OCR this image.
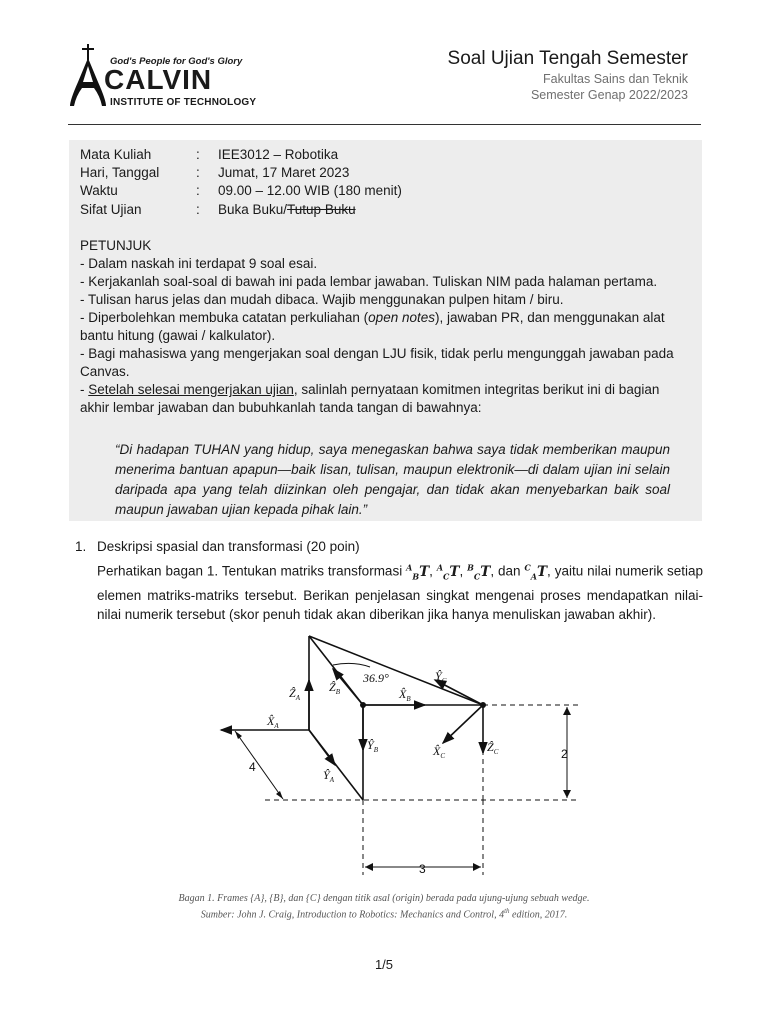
God's People for God's Glory
CALVIN
INSTITUTE OF TECHNOLOGY
Soal Ujian Tengah Semester
Fakultas Sains dan Teknik
Semester Genap 2022/2023
Mata Kuliah	: IEE3012 – Robotika
Hari, Tanggal	: Jumat, 17 Maret 2023
Waktu	: 09.00 – 12.00 WIB (180 menit)
Sifat Ujian	: Buka Buku/Tutup Buku

PETUNJUK

- Dalam naskah ini terdapat 9 soal esai.

- Kerjakanlah soal-soal di bawah ini pada lembar jawaban. Tuliskan NIM pada halaman pertama.

- Tulisan harus jelas dan mudah dibaca. Wajib menggunakan pulpen hitam / biru.

- Diperbolehkan membuka catatan perkuliahan (open notes), jawaban PR, dan menggunakan alat bantu hitung (gawai / kalkulator).

- Bagi mahasiswa yang mengerjakan soal dengan LJU fisik, tidak perlu mengunggah jawaban pada Canvas.

- Setelah selesai mengerjakan ujian, salinlah pernyataan komitmen integritas berikut ini di bagian akhir lembar jawaban dan bubuhkanlah tanda tangan di bawahnya:

“Di hadapan TUHAN yang hidup, saya menegaskan bahwa saya tidak memberikan maupun menerima bantuan apapun—baik lisan, tulisan, maupun elektronik—di dalam ujian ini selain daripada apa yang telah diizinkan oleh pengajar, dan tidak akan menyebarkan baik soal maupun jawaban ujian kepada pihak lain.”
1. Deskripsi spasial dan transformasi (20 poin)
Perhatikan bagan 1. Tentukan matriks transformasi $^A_B$T, $^A_C$T, $^B_C$T, dan $^C_A$T, yaitu nilai numerik setiap elemen matriks-matriks tersebut. Berikan penjelasan singkat mengenai proses mendapatkan nilai-nilai numerik tersebut (skor penuh tidak akan diberikan jika hanya menuliskan jawaban akhir).
36.9°
Ẑ$_A$
$X̂_A$
$Ŷ_A$
Ẑ$_B$	$X̂_B$
$Ŷ_B$
$Ŷ_C$
$X̂_C$
Ẑ$_C$
4
2
3
Bagan 1. Frames {A}, {B}, dan {C} dengan titik asal (origin) berada pada ujung-ujung sebuah wedge.
Sumber: John J. Craig, Introduction to Robotics: Mechanics and Control, 4th edition, 2017.
1/5
